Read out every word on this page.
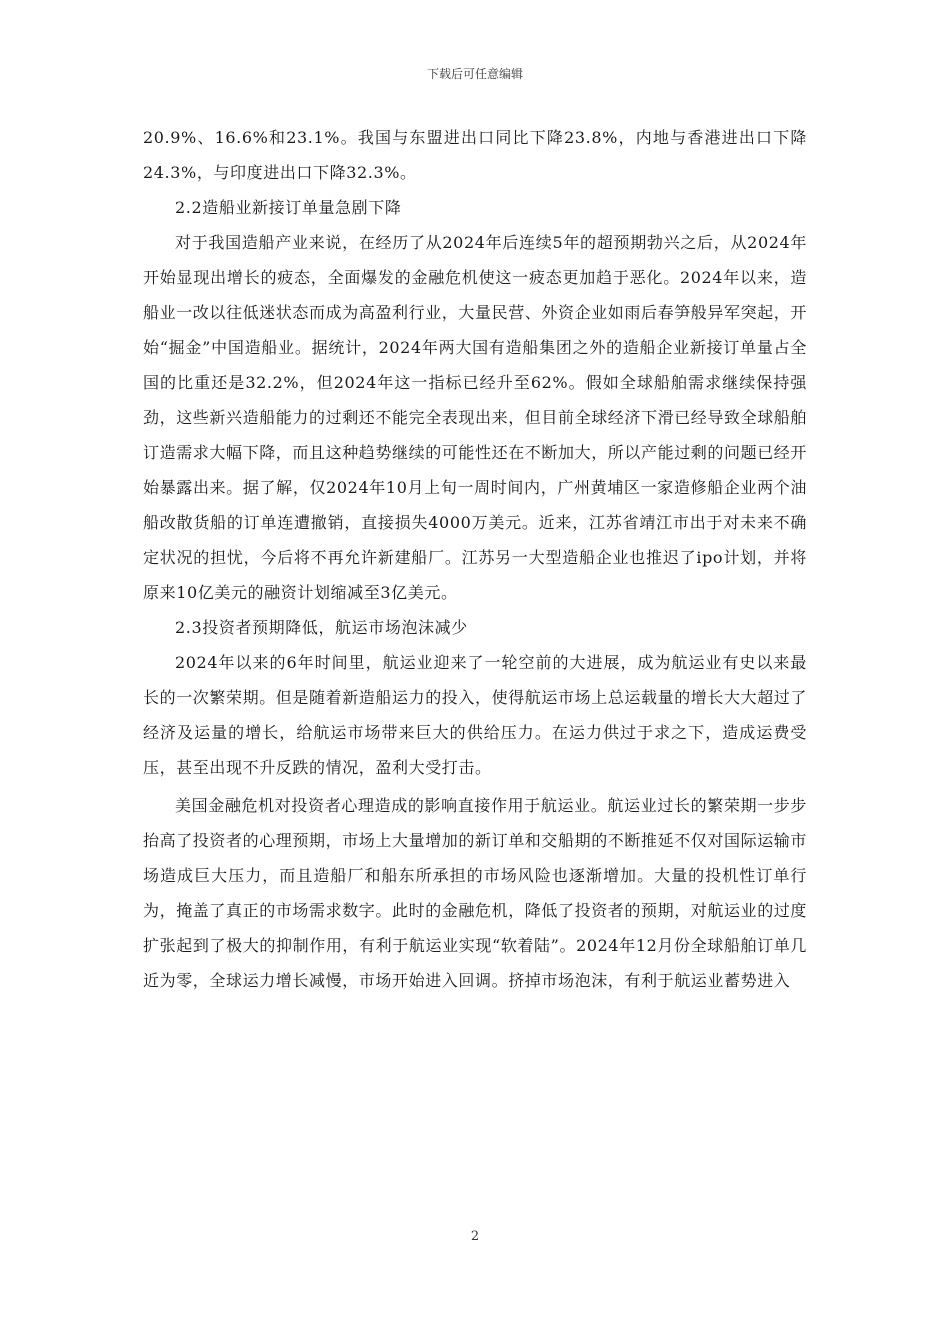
下载后可任意编辑

20.9%、16.6%和23.1%。我国与东盟进出口同比下降23.8%，内地与香港进出口下降24.3%，与印度进出口下降32.3%。

2.2造船业新接订单量急剧下降

对于我国造船产业来说，在经历了从2024年后连续5年的超预期勃兴之后，从2024年开始显现出增长的疲态，全面爆发的金融危机使这一疲态更加趋于恶化。2024年以来，造船业一改以往低迷状态而成为高盈利行业，大量民营、外资企业如雨后春笋般异军突起，开始“掘金”中国造船业。据统计，2024年两大国有造船集团之外的造船企业新接订单量占全国的比重还是32.2%，但2024年这一指标已经升至62%。假如全球船舶需求继续保持强劲，这些新兴造船能力的过剩还不能完全表现出来，但目前全球经济下滑已经导致全球船舶订造需求大幅下降，而且这种趋势继续的可能性还在不断加大，所以产能过剩的问题已经开始暴露出来。据了解，仅2024年10月上旬一周时间内，广州黄埔区一家造修船企业两个油船改散货船的订单连遭撤销，直接损失4000万美元。近来，江苏省靖江市出于对未来不确定状况的担忧，今后将不再允许新建船厂。江苏另一大型造船企业也推迟了ipo计划，并将原来10亿美元的融资计划缩减至3亿美元。

2.3投资者预期降低，航运市场泡沫减少

2024年以来的6年时间里，航运业迎来了一轮空前的大进展，成为航运业有史以来最长的一次繁荣期。但是随着新造船运力的投入，使得航运市场上总运载量的增长大大超过了经济及运量的增长，给航运市场带来巨大的供给压力。在运力供过于求之下，造成运费受压，甚至出现不升反跌的情况，盈利大受打击。

美国金融危机对投资者心理造成的影响直接作用于航运业。航运业过长的繁荣期一步步抬高了投资者的心理预期，市场上大量增加的新订单和交船期的不断推延不仅对国际运输市场造成巨大压力，而且造船厂和船东所承担的市场风险也逐渐增加。大量的投机性订单行为，掩盖了真正的市场需求数字。此时的金融危机，降低了投资者的预期，对航运业的过度扩张起到了极大的抑制作用，有利于航运业实现“软着陆”。2024年12月份全球船舶订单几近为零，全球运力增长减慢，市场开始进入回调。挤掉市场泡沫，有利于航运业蓄势进入

2
